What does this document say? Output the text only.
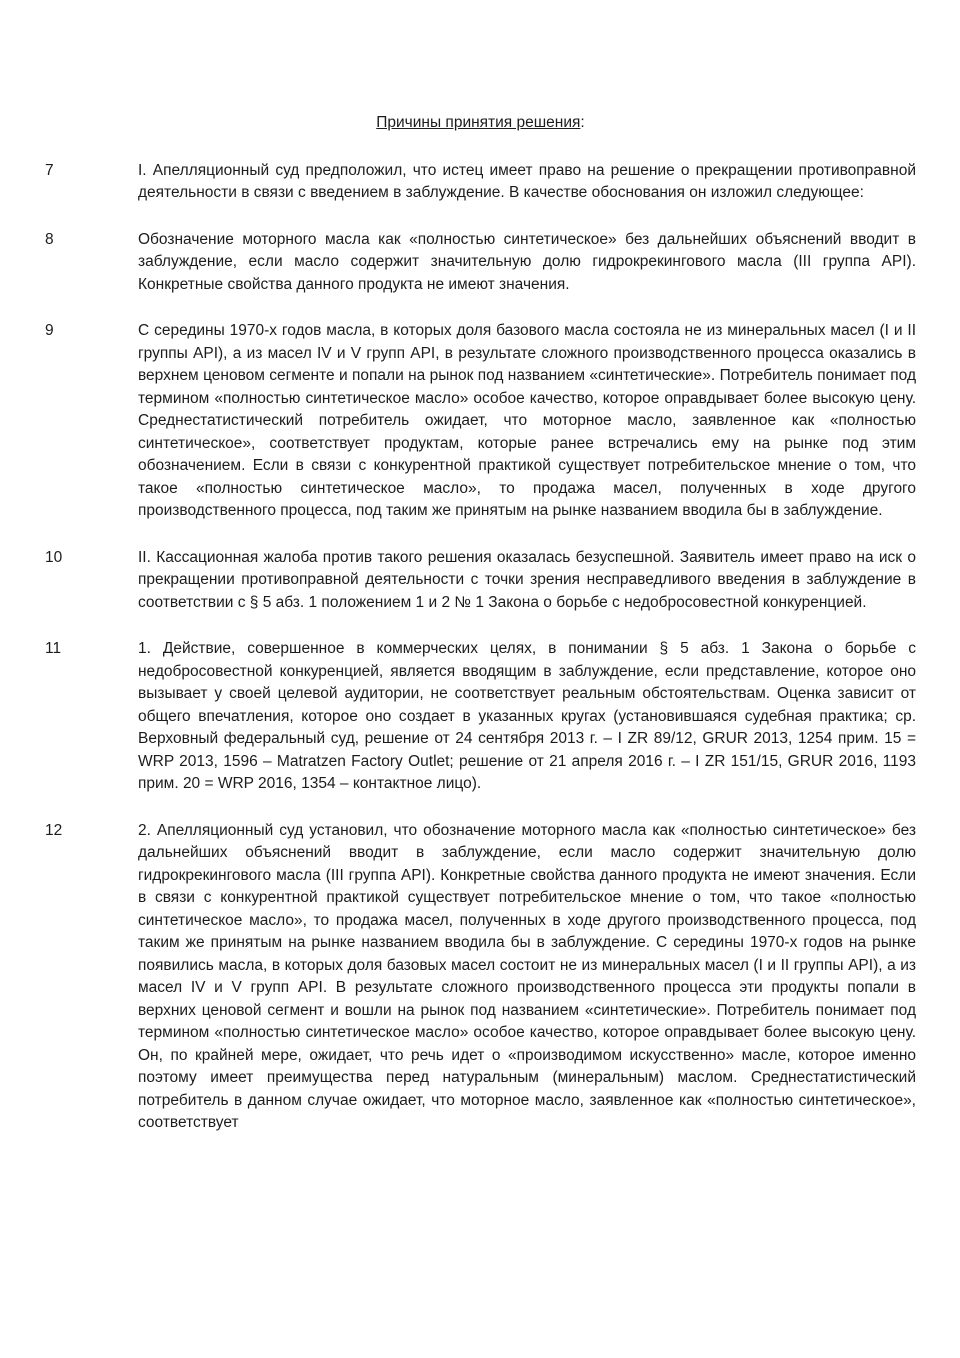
Причины принятия решения:
7	I. Апелляционный суд предположил, что истец имеет право на решение о прекращении противоправной деятельности в связи с введением в заблуждение. В качестве обоснования он изложил следующее:
8	Обозначение моторного масла как «полностью синтетическое» без дальнейших объяснений вводит в заблуждение, если масло содержит значительную долю гидрокрекингового масла (III группа API). Конкретные свойства данного продукта не имеют значения.
9	С середины 1970-х годов масла, в которых доля базового масла состояла не из минеральных масел (I и II группы API), а из масел IV и V групп API, в результате сложного производственного процесса оказались в верхнем ценовом сегменте и попали на рынок под названием «синтетические». Потребитель понимает под термином «полностью синтетическое масло» особое качество, которое оправдывает более высокую цену. Среднестатистический потребитель ожидает, что моторное масло, заявленное как «полностью синтетическое», соответствует продуктам, которые ранее встречались ему на рынке под этим обозначением. Если в связи с конкурентной практикой существует потребительское мнение о том, что такое «полностью синтетическое масло», то продажа масел, полученных в ходе другого производственного процесса, под таким же принятым на рынке названием вводила бы в заблуждение.
10	II. Кассационная жалоба против такого решения оказалась безуспешной. Заявитель имеет право на иск о прекращении противоправной деятельности с точки зрения несправедливого введения в заблуждение в соответствии с § 5 абз. 1 положением 1 и 2 № 1 Закона о борьбе с недобросовестной конкуренцией.
11	1. Действие, совершенное в коммерческих целях, в понимании § 5 абз. 1 Закона о борьбе с недобросовестной конкуренцией, является вводящим в заблуждение, если представление, которое оно вызывает у своей целевой аудитории, не соответствует реальным обстоятельствам. Оценка зависит от общего впечатления, которое оно создает в указанных кругах (установившаяся судебная практика; ср. Верховный федеральный суд, решение от 24 сентября 2013 г. – I ZR 89/12, GRUR 2013, 1254 прим. 15 = WRP 2013, 1596 – Matratzen Factory Outlet; решение от 21 апреля 2016 г. – I ZR 151/15, GRUR 2016, 1193 прим. 20 = WRP 2016, 1354 – контактное лицо).
12	2. Апелляционный суд установил, что обозначение моторного масла как «полностью синтетическое» без дальнейших объяснений вводит в заблуждение, если масло содержит значительную долю гидрокрекингового масла (III группа API). Конкретные свойства данного продукта не имеют значения. Если в связи с конкурентной практикой существует потребительское мнение о том, что такое «полностью синтетическое масло», то продажа масел, полученных в ходе другого производственного процесса, под таким же принятым на рынке названием вводила бы в заблуждение. С середины 1970-х годов на рынке появились масла, в которых доля базовых масел состоит не из минеральных масел (I и II группы API), а из масел IV и V групп API. В результате сложного производственного процесса эти продукты попали в верхних ценовой сегмент и вошли на рынок под названием «синтетические». Потребитель понимает под термином «полностью синтетическое масло» особое качество, которое оправдывает более высокую цену. Он, по крайней мере, ожидает, что речь идет о «производимом искусственно» масле, которое именно поэтому имеет преимущества перед натуральным (минеральным) маслом. Среднестатистический потребитель в данном случае ожидает, что моторное масло, заявленное как «полностью синтетическое», соответствует
